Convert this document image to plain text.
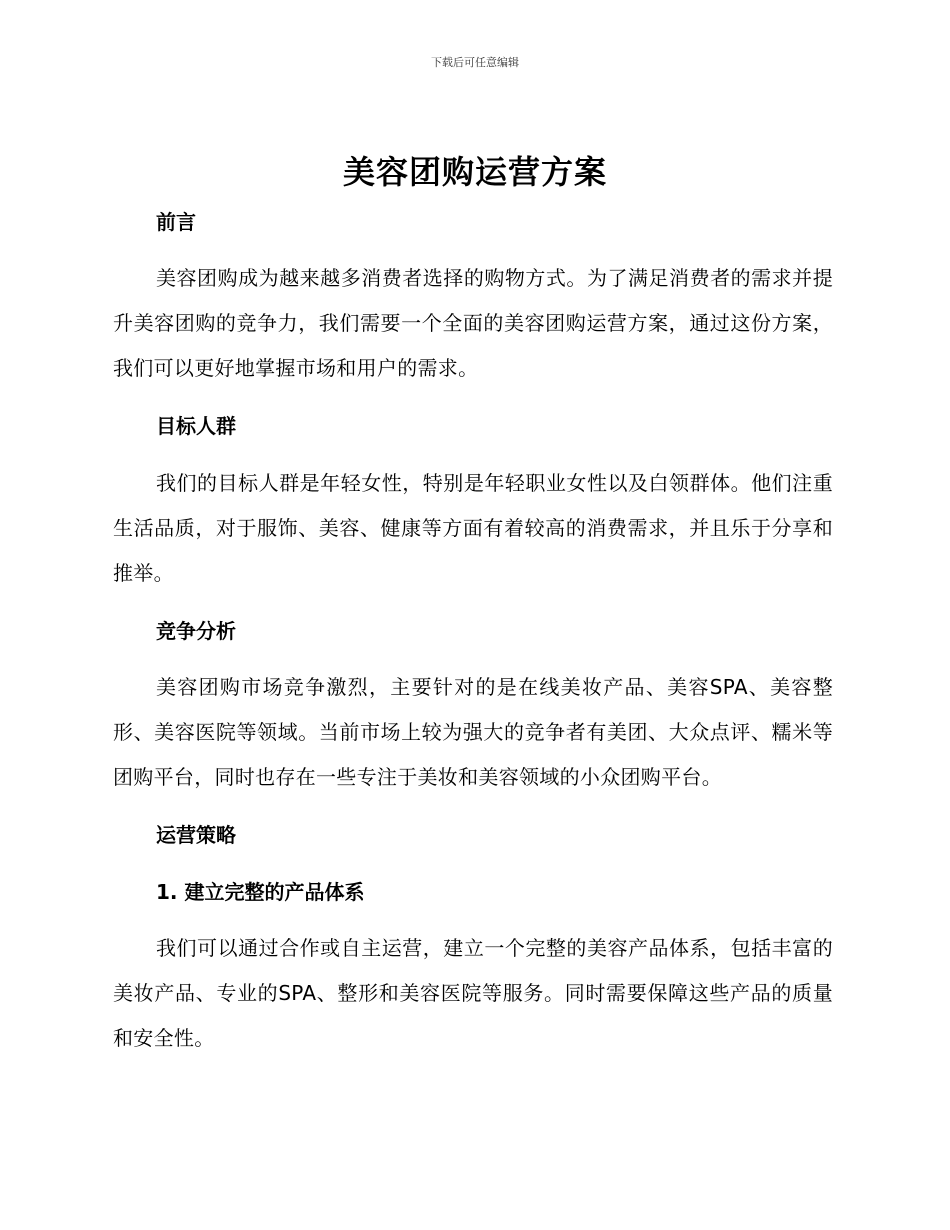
下载后可任意编辑
美容团购运营方案
前言

美容团购成为越来越多消费者选择的购物方式。为了满足消费者的需求并提升美容团购的竞争力，我们需要一个全面的美容团购运营方案，通过这份方案，我们可以更好地掌握市场和用户的需求。

目标人群

我们的目标人群是年轻女性，特别是年轻职业女性以及白领群体。他们注重生活品质，对于服饰、美容、健康等方面有着较高的消费需求，并且乐于分享和推举。

竞争分析

美容团购市场竞争激烈，主要针对的是在线美妆产品、美容SPA、美容整形、美容医院等领域。当前市场上较为强大的竞争者有美团、大众点评、糯米等团购平台，同时也存在一些专注于美妆和美容领域的小众团购平台。

运营策略
1. 建立完整的产品体系

我们可以通过合作或自主运营，建立一个完整的美容产品体系，包括丰富的美妆产品、专业的SPA、整形和美容医院等服务。同时需要保障这些产品的质量和安全性。
